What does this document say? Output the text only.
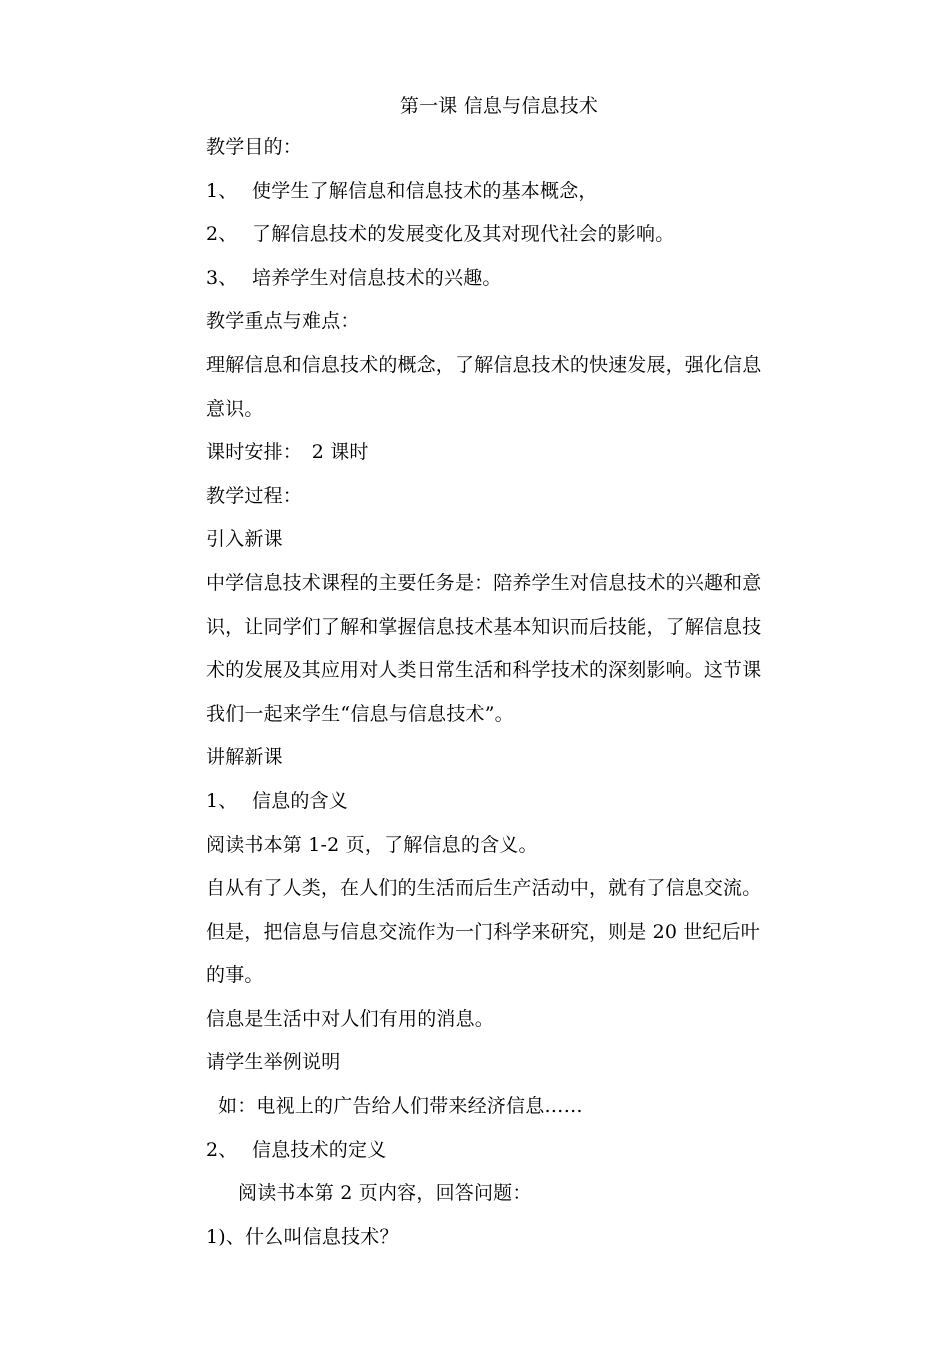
第一课 信息与信息技术
教学目的：
1、 使学生了解信息和信息技术的基本概念，
2、 了解信息技术的发展变化及其对现代社会的影响。
3、 培养学生对信息技术的兴趣。
教学重点与难点：
理解信息和信息技术的概念，了解信息技术的快速发展，强化信息
意识。
课时安排：　2 课时
教学过程：
引入新课
中学信息技术课程的主要任务是：陪养学生对信息技术的兴趣和意
识，让同学们了解和掌握信息技术基本知识而后技能，了解信息技
术的发展及其应用对人类日常生活和科学技术的深刻影响。这节课
我们一起来学生“信息与信息技术”。
讲解新课
1、 信息的含义
阅读书本第 1-2 页，了解信息的含义。
自从有了人类，在人们的生活而后生产活动中，就有了信息交流。
但是，把信息与信息交流作为一门科学来研究，则是 20 世纪后叶
的事。
信息是生活中对人们有用的消息。
请学生举例说明
如：电视上的广告给人们带来经济信息……
2、 信息技术的定义
阅读书本第 2 页内容，回答问题：
1)、什么叫信息技术？
